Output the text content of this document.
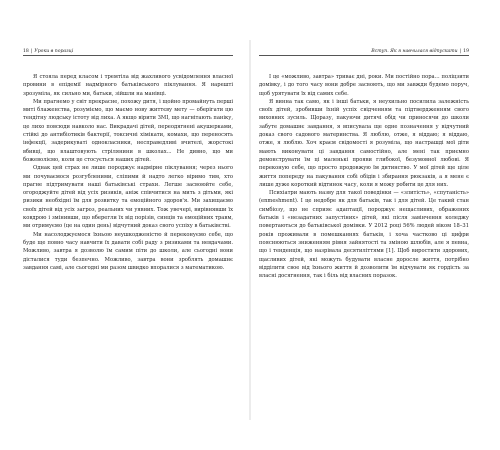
18 | Уроки в поразці

Я стояла перед класом і тремтіла від жахливого усвідомлення власної провини в епідемії надмірного батьківського піклування. Я нарешті зрозуміла, як сильно ми, батьки, зійшли на манівці.

Ми прагнемо у світ прекрасне, похожу дитя, і щойно промайнуть перші миті блаженства, розуміємо, що маємо нову життєву мету — оберігати цю тендітну людську істоту від лиха. А якщо вірити ЗМІ, що нагнітають паніку, це лихо повсюди навколо нас. Викрадачі дітей, переодягнені акушерками, стійкі до антибіотиків бактерії, токсичні хімікати, комахи, що переносять інфекції, задерикуваті однокласники, несправедливі вчителі, жорстокі вбивці, що влаштовують стрілянини в школах... Не дивно, що ми божеволіємо, коли це стосується наших дітей.

Однак цей страх не лише породжує надмірне піклування; через нього ми почуваємося розгубленими, сліпими й надто легко віримо тим, хто прагне підтримувати наші батьківські страхи. Легше засвоюйте себе, огороджуйте дітей від усіх ризиків, аніж співчитися на мить з дітьми, які ризики необхідні їм для розвитку та емоційного здоров'я. Ми захищаємо своїх дітей від усіх загроз, реальних чи уявних. Тож увечері, вирівнявши їх ковдрою і змінивши, що вберегли їх від порізів, синців та емоційних травм, ми отримуємо (це на один день) відчутний доказ свого успіху в батьківстві.

Ми насолоджуємося їхньою неушкодженістю й переконуємо себе, що буде ще повно часу навчити їх давати собі раду з ризиками та невдачами. Можливо, завтра я дозволю їм самим піти до школи, але сьогодні вони дісталися туди безпечно. Можливо, завтра вони зроблять домашнє завдання самі, але сьогодні ми разом швидко впоралися з математикою.

Вступ. Як я навчилася відпускати | 19

І це «можливо, завтра» триває дні, роки. Ми постійно пора... поліцзити домівку, і до того часу вони добре засвоють, що ми завжди будемо поруч, щоб урятувати їх від самих себе.

Я винна так само, як і інші батьки, я неухильно посилила залежність своїх дітей, зробивши їхній успіх свідченням та підтвердженням свого виховних зусиль. Щоразу, пакуючи дитячі обід чи приносячи до школи забуте домашнє завдання, я вписувала ще одне позначення у відчутний доказ свого садового материнства. Я люблю, отже, я віддаю; я віддаю, отже, я люблю. Хоч краєм свідомості я розуміла, що настрашді мої діти мають виконувати ці завдання самостійно, але мені так приємно демонструвати їм ці маленькі прояви глибокої, безумовної любові. Я переконую себе, що просто продовжую їм дитинство. У мої дітей ще ціле життя попереду на пакування собі обідів і збирання рюкзаків, а я мене є лише дуже короткий відтинок часу, коли я можу робити це для них.

Психіатри мають назву для такої поведінки — «злитість», «спутаність» (enmeshment). І це недобре як для батьків, так і для дітей. Це такий стан симбіозу, що не сприяє адаптації, породжує нещасливих, ображених батьків і «незадатних запустіних» дітей, які після завінчення коледжу повертаються до батьківської домівки. У 2012 році 56% людей віком 18–31 років проживали в помешканнях батьків, і хоча частково ці цифри пояснюються зниженням рівня зайнятості та зміною шлюбів, але я певна, що і тенденція, що назрівала десятиліттями [1]. Щоб виростити здорових, щасливих дітей, які можуть будувати власне доросле життя, потрібно відділити свое від їхнього життя й дозволити їм відчувати як гордість за власні досягнення, так і біль від власних поразок.
